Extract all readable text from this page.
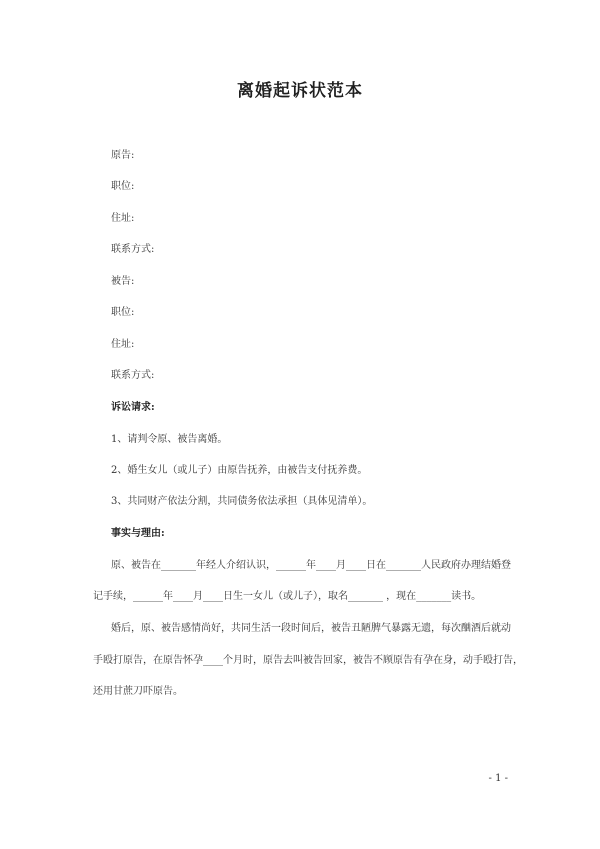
离婚起诉状范本
原告:
职位:
住址:
联系方式:
被告:
职位:
住址:
联系方式:
诉讼请求:
1、请判令原、被告离婚。
2、婚生女儿（或儿子）由原告抚养，由被告支付抚养费。
3、共同财产依法分割，共同债务依法承担（具体见清单）。
事实与理由:
原、被告在_______年经人介绍认识，______年____月____日在_______人民政府办理结婚登
记手续，______年____月____日生一女儿（或儿子），取名_______ ，现在_______读书。
婚后，原、被告感情尚好，共同生活一段时间后，被告丑陋脾气暴露无遗，每次酗酒后就动
手殴打原告，在原告怀孕____个月时，原告去叫被告回家，被告不顾原告有孕在身，动手殴打告，
还用甘蔗刀吓原告。
- 1 -
